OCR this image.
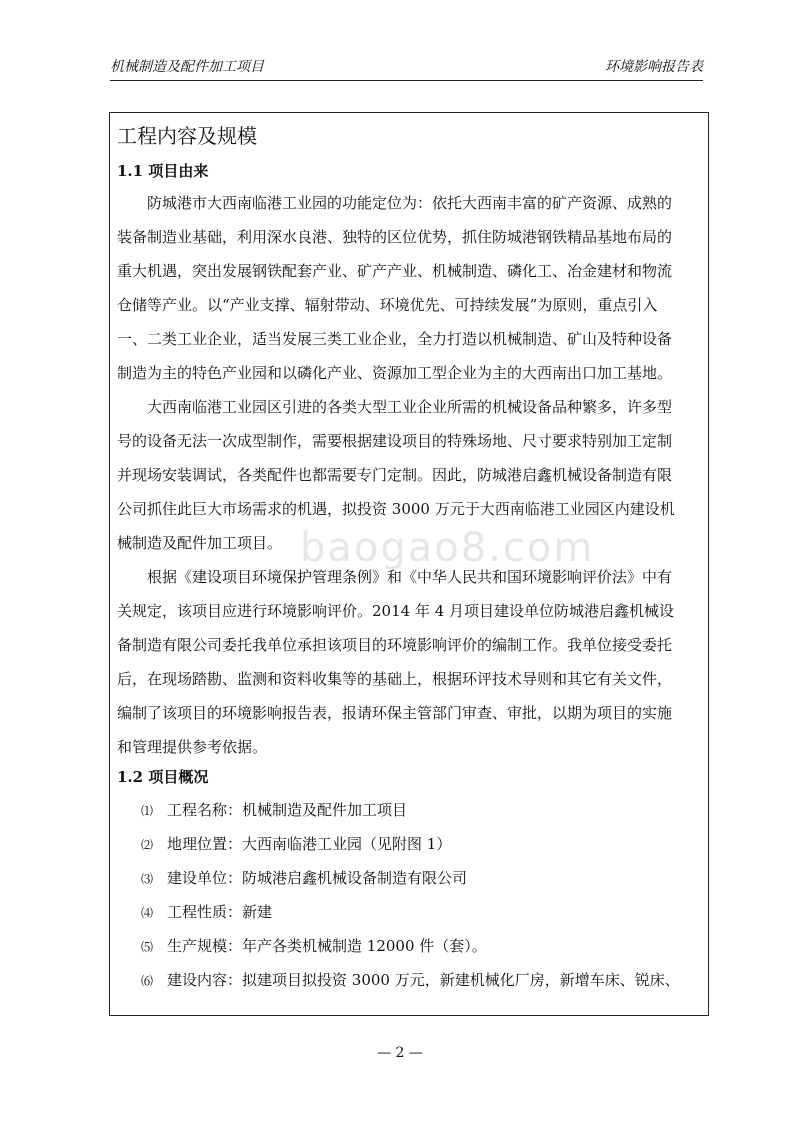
机械制造及配件加工项目	环境影响报告表
工程内容及规模
1.1 项目由来
　　防城港市大西南临港工业园的功能定位为：依托大西南丰富的矿产资源、成熟的
装备制造业基础，利用深水良港、独特的区位优势，抓住防城港钢铁精品基地布局的
重大机遇，突出发展钢铁配套产业、矿产产业、机械制造、磷化工、冶金建材和物流
仓储等产业。以“产业支撑、辐射带动、环境优先、可持续发展”为原则，重点引入
一、二类工业企业，适当发展三类工业企业，全力打造以机械制造、矿山及特种设备
制造为主的特色产业园和以磷化产业、资源加工型企业为主的大西南出口加工基地。
　　大西南临港工业园区引进的各类大型工业企业所需的机械设备品种繁多，许多型
号的设备无法一次成型制作，需要根据建设项目的特殊场地、尺寸要求特别加工定制
并现场安装调试，各类配件也都需要专门定制。因此，防城港启鑫机械设备制造有限
公司抓住此巨大市场需求的机遇，拟投资 3000 万元于大西南临港工业园区内建设机
械制造及配件加工项目。 baogao8.com
　　根据《建设项目环境保护管理条例》和《中华人民共和国环境影响评价法》中有
关规定，该项目应进行环境影响评价。2014 年 4 月项目建设单位防城港启鑫机械设
备制造有限公司委托我单位承担该项目的环境影响评价的编制工作。我单位接受委托
后，在现场踏勘、监测和资料收集等的基础上，根据环评技术导则和其它有关文件，
编制了该项目的环境影响报告表，报请环保主管部门审查、审批，以期为项目的实施
和管理提供参考依据。
1.2 项目概况
⑴ 工程名称：机械制造及配件加工项目
⑵ 地理位置：大西南临港工业园（见附图 1）
⑶ 建设单位：防城港启鑫机械设备制造有限公司
⑷ 工程性质：新建
⑸ 生产规模：年产各类机械制造 12000 件（套）。
⑹ 建设内容：拟建项目拟投资 3000 万元，新建机械化厂房，新增车床、锐床、
— 2 —
